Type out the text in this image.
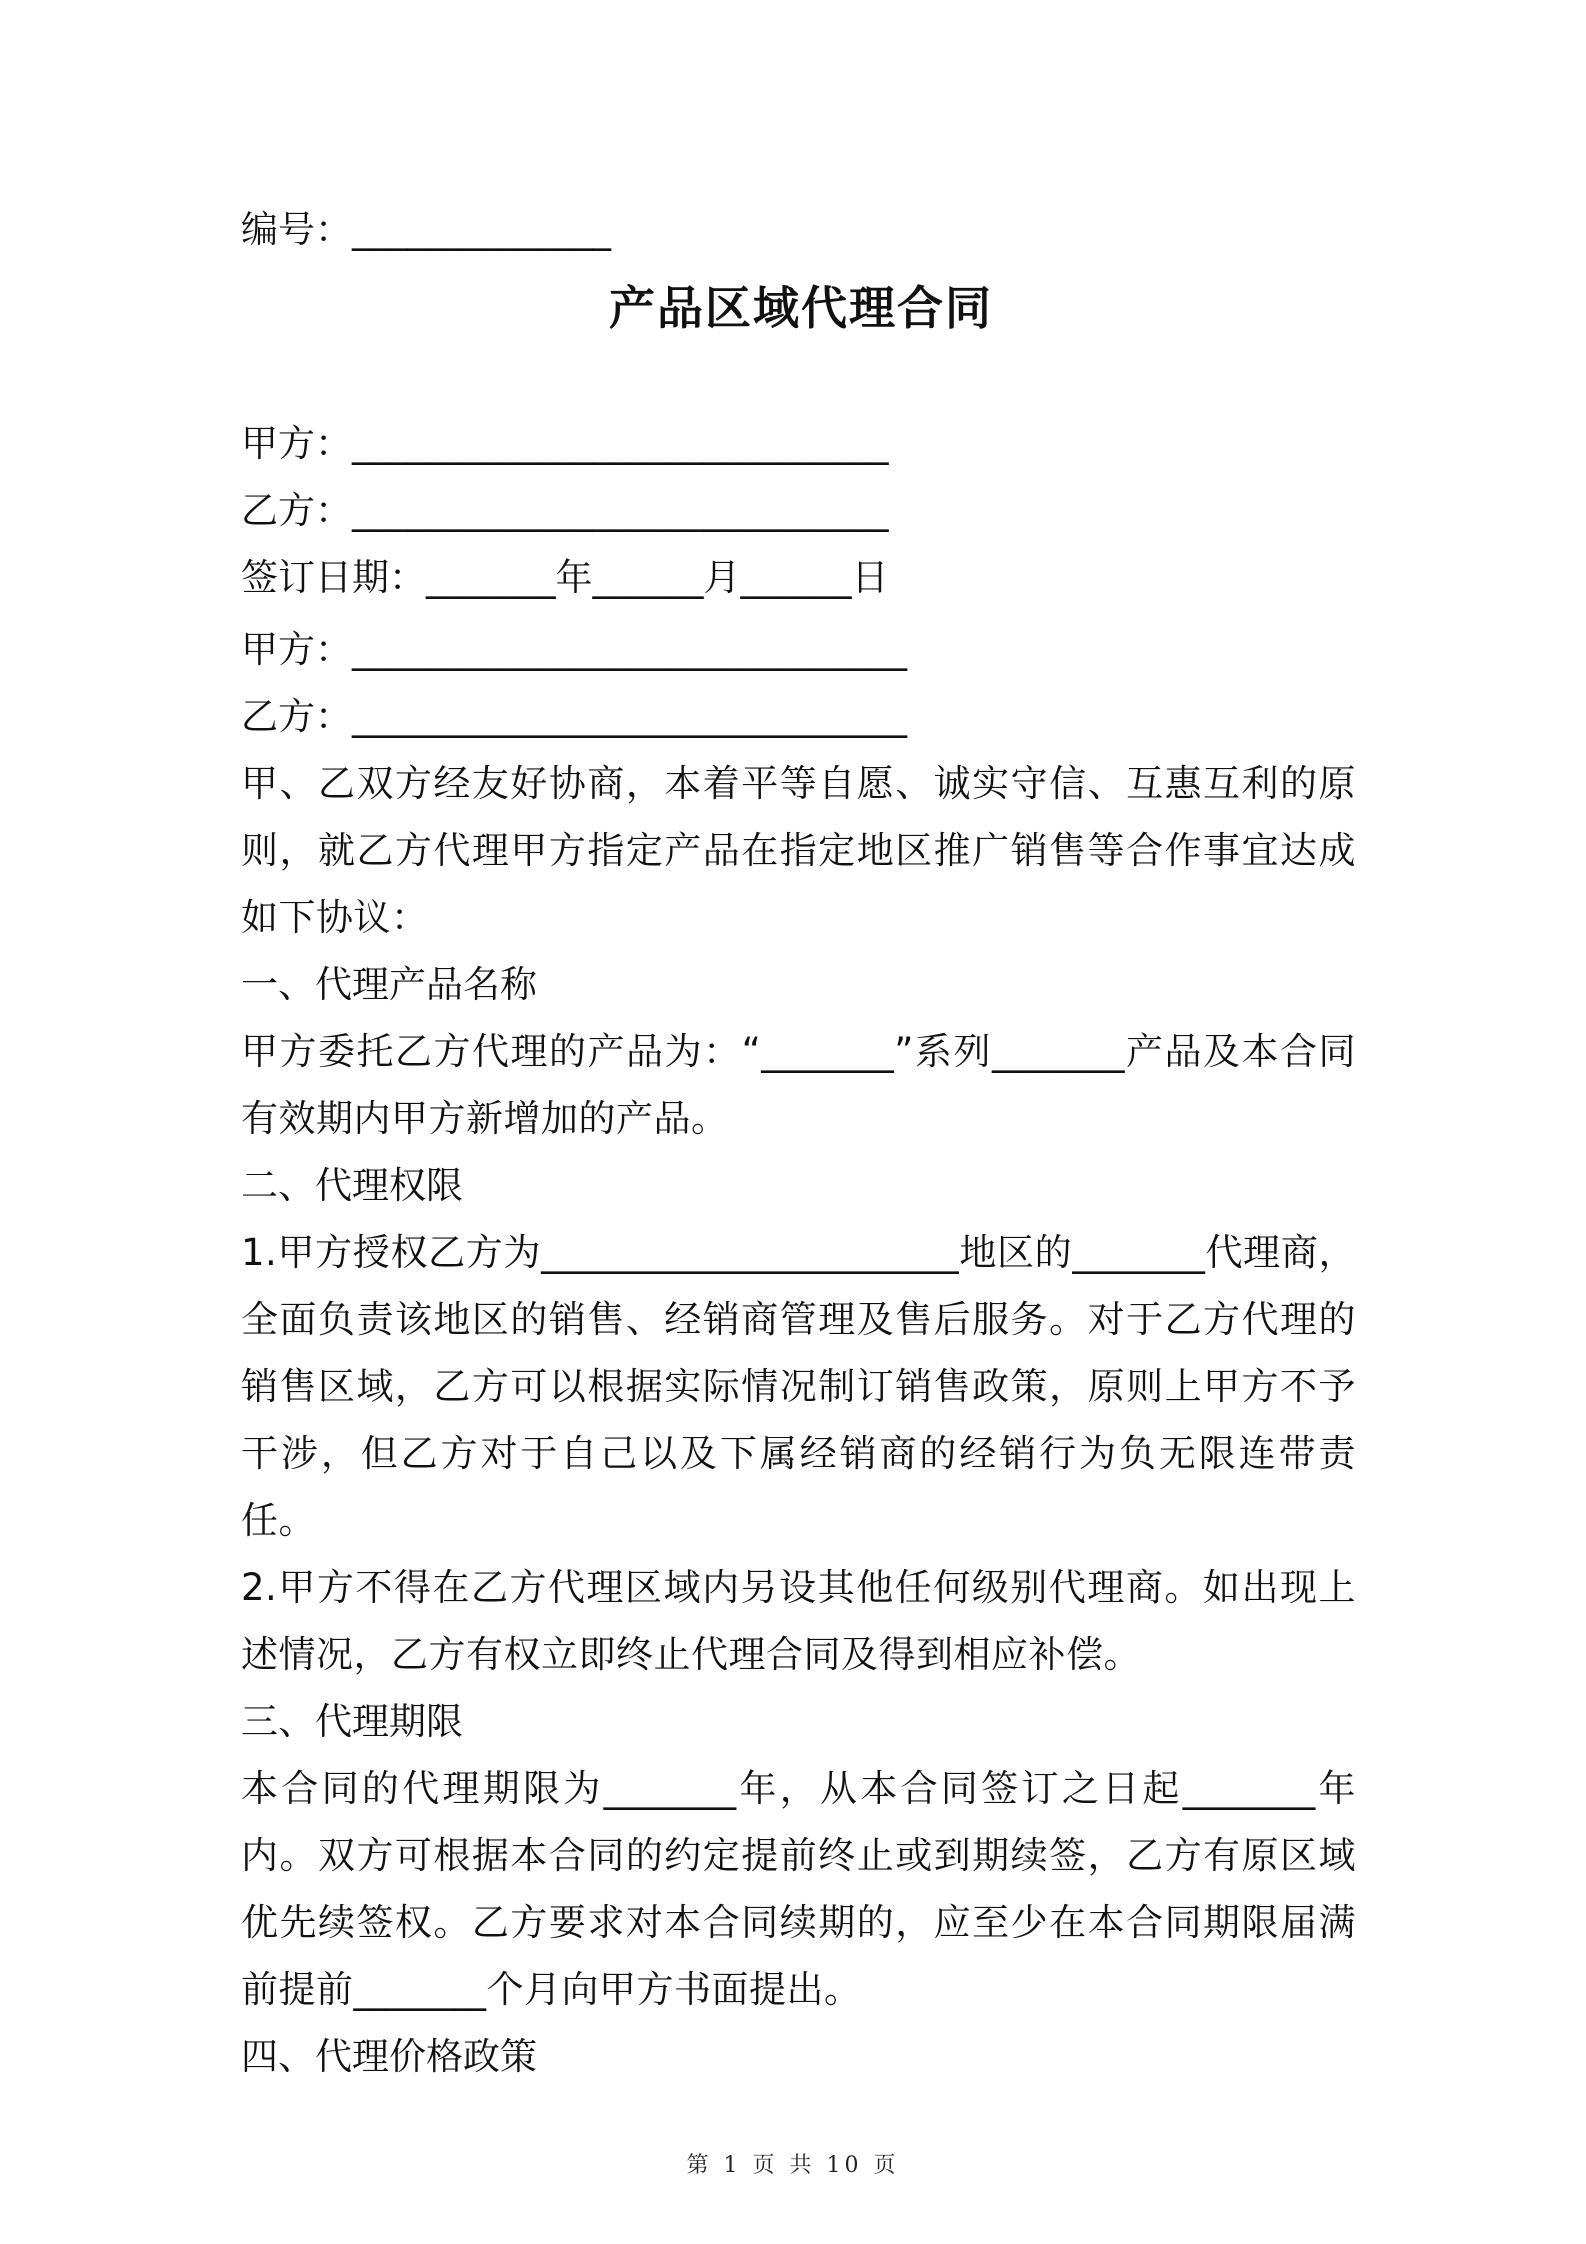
编号：______________
产品区域代理合同
甲方：_____________________________
乙方：_____________________________
签订日期：_______年______月______日
甲方：______________________________
乙方：______________________________
甲、乙双方经友好协商，本着平等自愿、诚实守信、互惠互利的原则，就乙方代理甲方指定产品在指定地区推广销售等合作事宜达成如下协议：
一、代理产品名称
甲方委托乙方代理的产品为：“_______”系列_______产品及本合同有效期内甲方新增加的产品。
二、代理权限
1.甲方授权乙方为______________________地区的_______代理商，全面负责该地区的销售、经销商管理及售后服务。对于乙方代理的销售区域，乙方可以根据实际情况制订销售政策，原则上甲方不予干涉，但乙方对于自己以及下属经销商的经销行为负无限连带责任。
2.甲方不得在乙方代理区域内另设其他任何级别代理商。如出现上述情况，乙方有权立即终止代理合同及得到相应补偿。
三、代理期限
本合同的代理期限为_______年，从本合同签订之日起_______年内。双方可根据本合同的约定提前终止或到期续签，乙方有原区域优先续签权。乙方要求对本合同续期的，应至少在本合同期限届满前提前_______个月向甲方书面提出。
四、代理价格政策
第 1 页 共 10 页
